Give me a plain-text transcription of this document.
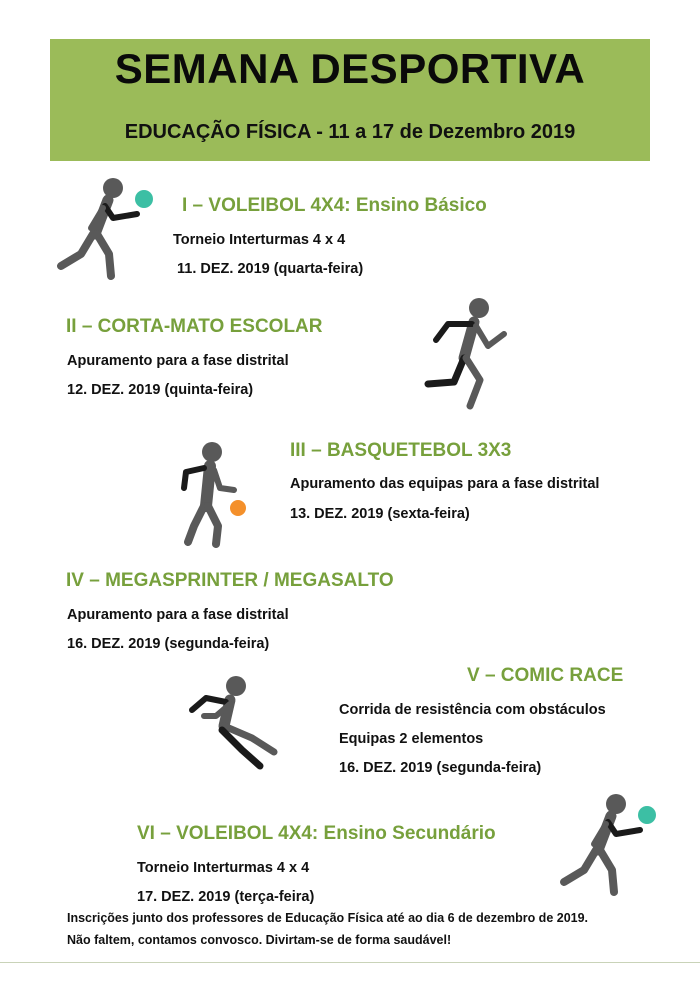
SEMANA DESPORTIVA
EDUCAÇÃO FÍSICA - 11 a 17 de Dezembro 2019
I – VOLEIBOL 4X4: Ensino Básico
Torneio Interturmas 4 x 4
11. DEZ. 2019 (quarta-feira)
II – CORTA-MATO ESCOLAR
Apuramento para a fase distrital
12. DEZ. 2019 (quinta-feira)
III – BASQUETEBOL 3X3
Apuramento das equipas para a fase distrital
13. DEZ. 2019 (sexta-feira)
IV – MEGASPRINTER / MEGASALTO
Apuramento para a fase distrital
16. DEZ. 2019 (segunda-feira)
V – COMIC RACE
Corrida de resistência com obstáculos
Equipas 2 elementos
16. DEZ. 2019 (segunda-feira)
VI – VOLEIBOL 4X4: Ensino Secundário
Torneio Interturmas 4 x 4
17. DEZ. 2019 (terça-feira)
Inscrições junto dos professores de Educação Física até ao dia 6 de dezembro de 2019.
Não faltem, contamos convosco. Divirtam-se de forma saudável!
